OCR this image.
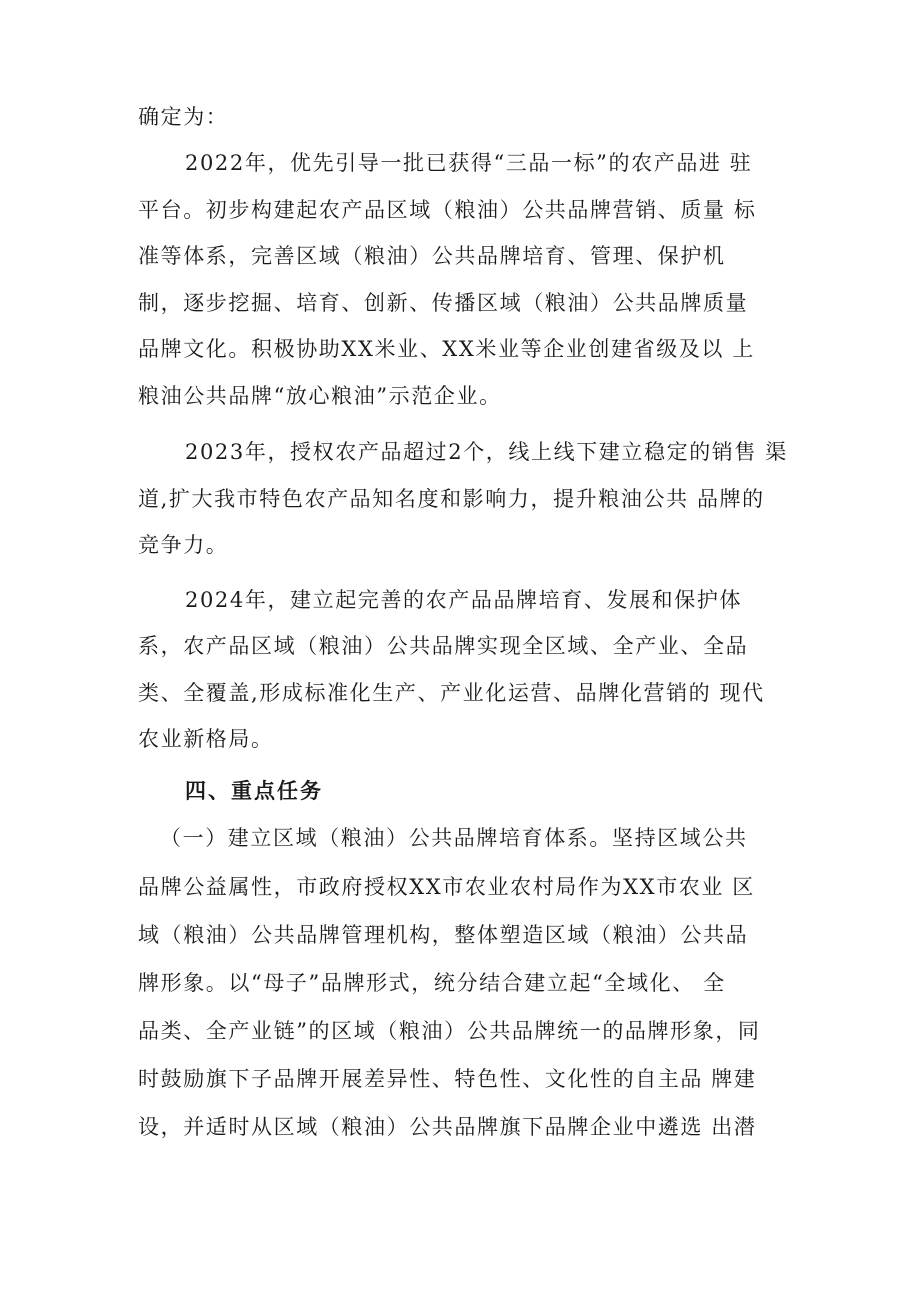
确定为：
2022年，优先引导一批已获得“三品一标”的农产品进 驻
平台。初步构建起农产品区域（粮油）公共品牌营销、质量 标
准等体系，完善区域（粮油）公共品牌培育、管理、保护机
制，逐步挖掘、培育、创新、传播区域（粮油）公共品牌质量
品牌文化。积极协助XX米业、XX米业等企业创建省级及以 上
粮油公共品牌“放心粮油”示范企业。
2023年，授权农产品超过2个，线上线下建立稳定的销售 渠
道,扩大我市特色农产品知名度和影响力，提升粮油公共 品牌的
竞争力。
2024年，建立起完善的农产品品牌培育、发展和保护体
系，农产品区域（粮油）公共品牌实现全区域、全产业、全品
类、全覆盖,形成标准化生产、产业化运营、品牌化营销的 现代
农业新格局。
四、重点任务
（一）建立区域（粮油）公共品牌培育体系。坚持区域公共
品牌公益属性，市政府授权XX市农业农村局作为XX市农业 区
域（粮油）公共品牌管理机构，整体塑造区域（粮油）公共品
牌形象。以“母子”品牌形式，统分结合建立起“全域化、 全
品类、全产业链”的区域（粮油）公共品牌统一的品牌形象，同
时鼓励旗下子品牌开展差异性、特色性、文化性的自主品 牌建
设，并适时从区域（粮油）公共品牌旗下品牌企业中遴选 出潜
